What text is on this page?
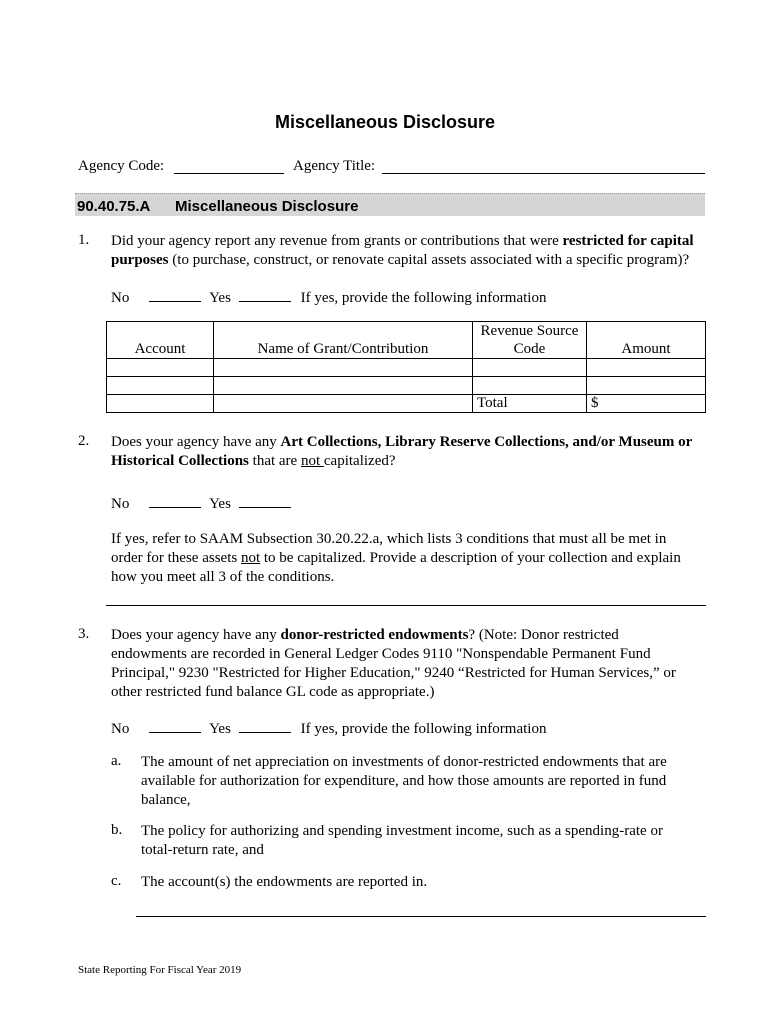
Miscellaneous Disclosure
Agency Code:	Agency Title:
90.40.75.A Miscellaneous Disclosure
1. Did your agency report any revenue from grants or contributions that were restricted for capital purposes (to purchase, construct, or renovate capital assets associated with a specific program)?
No	Yes	If yes, provide the following information
Account	Name of Grant/Contribution	Revenue Source Code	Amount

		Total	$
2. Does your agency have any Art Collections, Library Reserve Collections, and/or Museum or Historical Collections that are not capitalized?
No	Yes
If yes, refer to SAAM Subsection 30.20.22.a, which lists 3 conditions that must all be met in order for these assets not to be capitalized. Provide a description of your collection and explain how you meet all 3 of the conditions.
3. Does your agency have any donor-restricted endowments? (Note: Donor restricted endowments are recorded in General Ledger Codes 9110 "Nonspendable Permanent Fund Principal," 9230 "Restricted for Higher Education," 9240 “Restricted for Human Services,” or other restricted fund balance GL code as appropriate.)
No	Yes	If yes, provide the following information
a. The amount of net appreciation on investments of donor-restricted endowments that are available for authorization for expenditure, and how those amounts are reported in fund balance,
b. The policy for authorizing and spending investment income, such as a spending-rate or total-return rate, and
c. The account(s) the endowments are reported in.
State Reporting For Fiscal Year 2019
